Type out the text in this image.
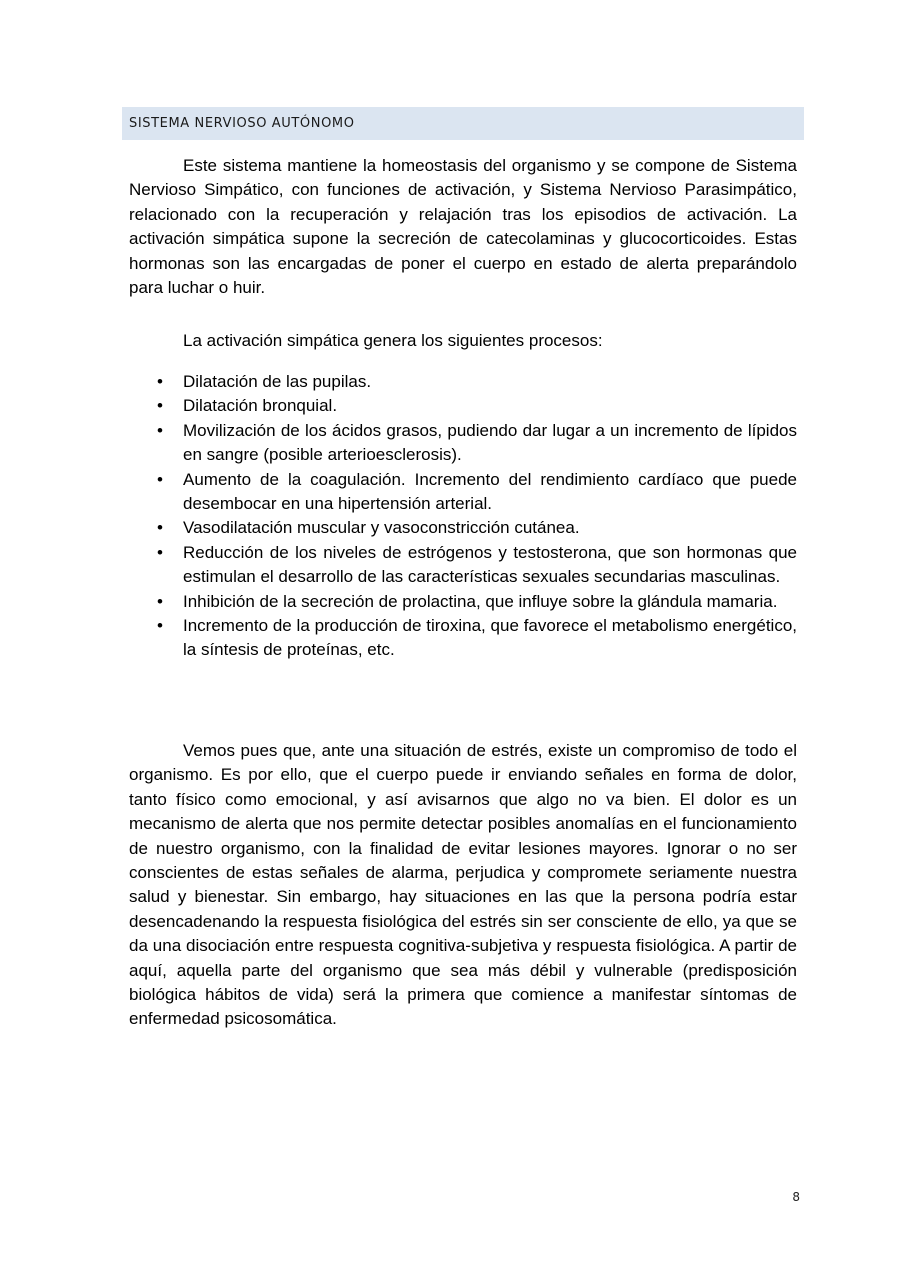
SISTEMA NERVIOSO AUTÓNOMO

Este sistema mantiene la homeostasis del organismo y se compone de Sistema Nervioso Simpático, con funciones de activación, y Sistema Nervioso Parasimpático, relacionado con la recuperación y relajación tras los episodios de activación. La activación simpática supone la secreción de catecolaminas y glucocorticoides. Estas hormonas son las encargadas de poner el cuerpo en estado de alerta preparándolo para luchar o huir.

La activación simpática genera los siguientes procesos:

• Dilatación de las pupilas.
• Dilatación bronquial.
• Movilización de los ácidos grasos, pudiendo dar lugar a un incremento de lípidos en sangre (posible arterioesclerosis).
• Aumento de la coagulación. Incremento del rendimiento cardíaco que puede desembocar en una hipertensión arterial.
• Vasodilatación muscular y vasoconstricción cutánea.
• Reducción de los niveles de estrógenos y testosterona, que son hormonas que estimulan el desarrollo de las características sexuales secundarias masculinas.
• Inhibición de la secreción de prolactina, que influye sobre la glándula mamaria.
• Incremento de la producción de tiroxina, que favorece el metabolismo energético, la síntesis de proteínas, etc.

Vemos pues que, ante una situación de estrés, existe un compromiso de todo el organismo. Es por ello, que el cuerpo puede ir enviando señales en forma de dolor, tanto físico como emocional, y así avisarnos que algo no va bien. El dolor es un mecanismo de alerta que nos permite detectar posibles anomalías en el funcionamiento de nuestro organismo, con la finalidad de evitar lesiones mayores. Ignorar o no ser conscientes de estas señales de alarma, perjudica y compromete seriamente nuestra salud y bienestar. Sin embargo, hay situaciones en las que la persona podría estar desencadenando la respuesta fisiológica del estrés sin ser consciente de ello, ya que se da una disociación entre respuesta cognitiva-subjetiva y respuesta fisiológica. A partir de aquí, aquella parte del organismo que sea más débil y vulnerable (predisposición biológica hábitos de vida) será la primera que comience a manifestar síntomas de enfermedad psicosomática.

8
